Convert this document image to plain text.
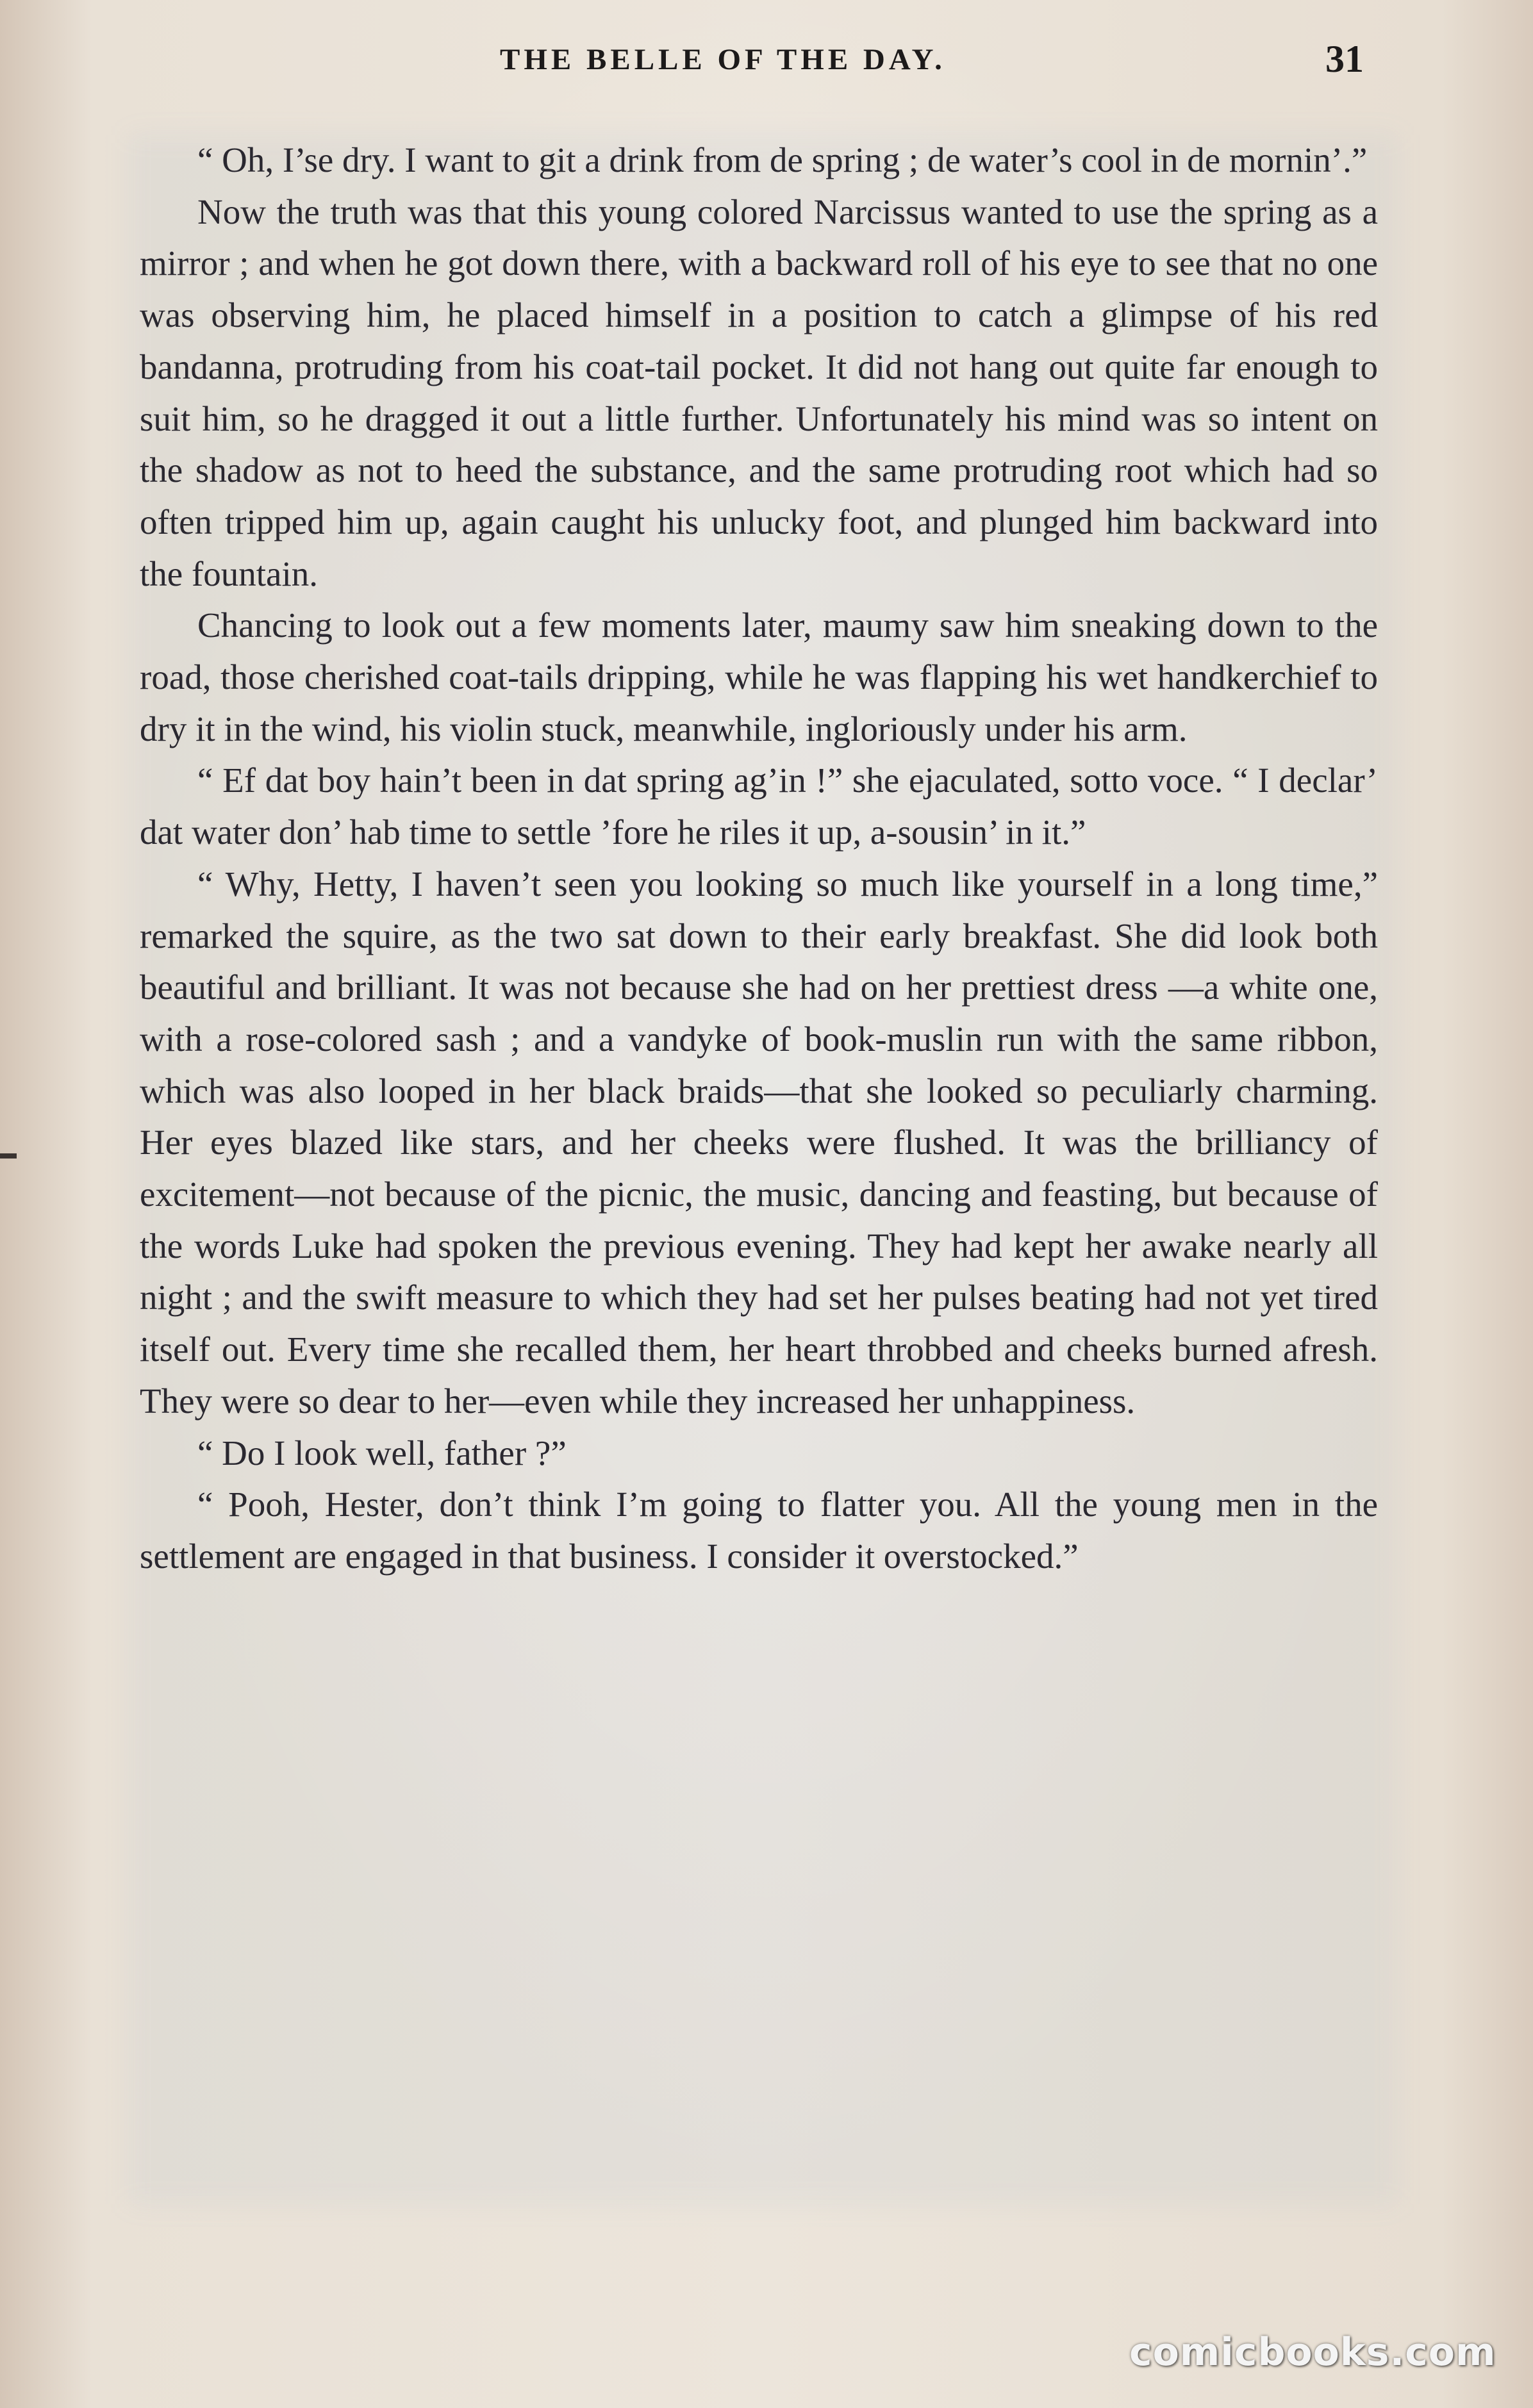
THE BELLE OF THE DAY.	31

“ Oh, I’se dry. I want to git a drink from de spring ; de water’s cool in de mornin’.”

Now the truth was that this young colored Narcissus wanted to use the spring as a mirror ; and when he got down there, with a backward roll of his eye to see that no one was observing him, he placed himself in a position to catch a glimpse of his red bandanna, protruding from his coat-tail pocket. It did not hang out quite far enough to suit him, so he dragged it out a little further. Unfortunately his mind was so intent on the shadow as not to heed the substance, and the same protruding root which had so often tripped him up, again caught his unlucky foot, and plunged him backward into the fountain.

Chancing to look out a few moments later, maumy saw him sneaking down to the road, those cherished coat-tails dripping, while he was flapping his wet handkerchief to dry it in the wind, his violin stuck, meanwhile, ingloriously under his arm.

“ Ef dat boy hain’t been in dat spring ag’in !” she ejaculated, sotto voce. “ I declar’ dat water don’ hab time to settle ’fore he riles it up, a-sousin’ in it.”

“ Why, Hetty, I haven’t seen you looking so much like yourself in a long time,” remarked the squire, as the two sat down to their early breakfast. She did look both beautiful and brilliant. It was not because she had on her prettiest dress —a white one, with a rose-colored sash ; and a vandyke of book-muslin run with the same ribbon, which was also looped in her black braids—that she looked so peculiarly charming. Her eyes blazed like stars, and her cheeks were flushed. It was the brilliancy of excitement—not because of the picnic, the music, dancing and feasting, but because of the words Luke had spoken the previous evening. They had kept her awake nearly all night ; and the swift measure to which they had set her pulses beating had not yet tired itself out. Every time she recalled them, her heart throbbed and cheeks burned afresh. They were so dear to her—even while they increased her unhappiness.

“ Do I look well, father ?”

“ Pooh, Hester, don’t think I’m going to flatter you. All the young men in the settlement are engaged in that business. I consider it overstocked.”

comicbooks.com
